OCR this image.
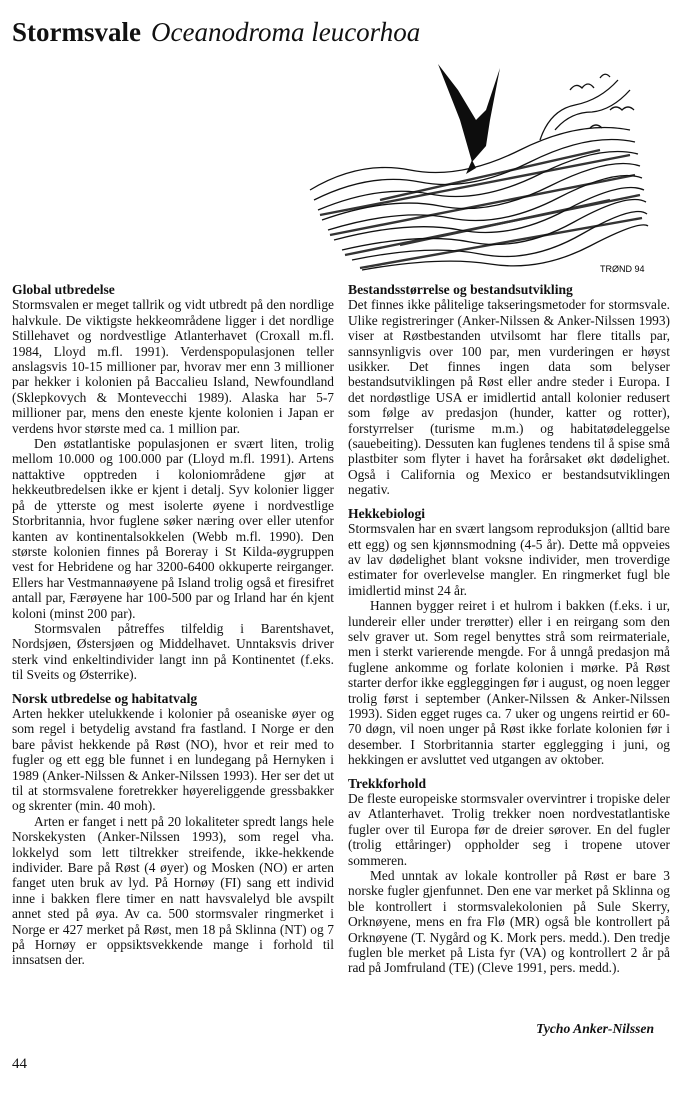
Stormsvale Oceanodroma leucorhoa
TRØND 94
Global utbredelse

Stormsvalen er meget tallrik og vidt utbredt på den nordlige halvkule. De viktigste hekkeområdene ligger i det nordlige Stillehavet og nordvestlige Atlanterhavet (Croxall m.fl. 1984, Lloyd m.fl. 1991). Verdenspopulasjonen teller anslagsvis 10-15 millioner par, hvorav mer enn 3 millioner par hekker i kolonien på Baccalieu Island, Newfoundland (Sklepkovych & Montevecchi 1989). Alaska har 5-7 millioner par, mens den eneste kjente kolonien i Japan er verdens hvor største med ca. 1 million par.

Den østatlantiske populasjonen er svært liten, trolig mellom 10.000 og 100.000 par (Lloyd m.fl. 1991). Artens nattaktive opptreden i koloniområdene gjør at hekkeutbredelsen ikke er kjent i detalj. Syv kolonier ligger på de ytterste og mest isolerte øyene i nordvestlige Storbritannia, hvor fuglene søker næring over eller utenfor kanten av kontinentalsokkelen (Webb m.fl. 1990). Den største kolonien finnes på Boreray i St Kilda-øygruppen vest for Hebridene og har 3200-6400 okkuperte reirganger. Ellers har Vestmannaøyene på Island trolig også et firesifret antall par, Færøyene har 100-500 par og Irland har én kjent koloni (minst 200 par).

Stormsvalen påtreffes tilfeldig i Barentshavet, Nordsjøen, Østersjøen og Middelhavet. Unntaksvis driver sterk vind enkeltindivider langt inn på Kontinentet (f.eks. til Sveits og Østerrike).

Norsk utbredelse og habitatvalg

Arten hekker utelukkende i kolonier på oseaniske øyer og som regel i betydelig avstand fra fastland. I Norge er den bare påvist hekkende på Røst (NO), hvor et reir med to fugler og ett egg ble funnet i en lundegang på Hernyken i 1989 (Anker-Nilssen & Anker-Nilssen 1993). Her ser det ut til at stormsvalene foretrekker høyereliggende gressbakker og skrenter (min. 40 moh).

Arten er fanget i nett på 20 lokaliteter spredt langs hele Norskekysten (Anker-Nilssen 1993), som regel vha. lokkelyd som lett tiltrekker streifende, ikke-hekkende individer. Bare på Røst (4 øyer) og Mosken (NO) er arten fanget uten bruk av lyd. På Hornøy (FI) sang ett individ inne i bakken flere timer en natt havsvalelyd ble avspilt annet sted på øya. Av ca. 500 stormsvaler ringmerket i Norge er 427 merket på Røst, men 18 på Sklinna (NT) og 7 på Hornøy er oppsiktsvekkende mange i forhold til innsatsen der.

Bestandsstørrelse og bestandsutvikling

Det finnes ikke pålitelige takseringsmetoder for stormsvale. Ulike registreringer (Anker-Nilssen & Anker-Nilssen 1993) viser at Røstbestanden utvilsomt har flere titalls par, sannsynligvis over 100 par, men vurderingen er høyst usikker. Det finnes ingen data som belyser bestandsutviklingen på Røst eller andre steder i Europa. I det nordøstlige USA er imidlertid antall kolonier redusert som følge av predasjon (hunder, katter og rotter), forstyrrelser (turisme m.m.) og habitatødeleggelse (sauebeiting). Dessuten kan fuglenes tendens til å spise små plastbiter som flyter i havet ha forårsaket økt dødelighet. Også i California og Mexico er bestandsutviklingen negativ.

Hekkebiologi

Stormsvalen har en svært langsom reproduksjon (alltid bare ett egg) og sen kjønnsmodning (4-5 år). Dette må oppveies av lav dødelighet blant voksne individer, men troverdige estimater for overlevelse mangler. En ringmerket fugl ble imidlertid minst 24 år.

Hannen bygger reiret i et hulrom i bakken (f.eks. i ur, lundereir eller under trerøtter) eller i en reirgang som den selv graver ut. Som regel benyttes strå som reirmateriale, men i sterkt varierende mengde. For å unngå predasjon må fuglene ankomme og forlate kolonien i mørke. På Røst starter derfor ikke eggleggingen før i august, og noen legger trolig først i september (Anker-Nilssen & Anker-Nilssen 1993). Siden egget ruges ca. 7 uker og ungens reirtid er 60-70 døgn, vil noen unger på Røst ikke forlate kolonien før i desember. I Storbritannia starter egglegging i juni, og hekkingen er avsluttet ved utgangen av oktober.

Trekkforhold

De fleste europeiske stormsvaler overvintrer i tropiske deler av Atlanterhavet. Trolig trekker noen nordvestatlantiske fugler over til Europa før de dreier sørover. En del fugler (trolig ettåringer) oppholder seg i tropene utover sommeren.

Med unntak av lokale kontroller på Røst er bare 3 norske fugler gjenfunnet. Den ene var merket på Sklinna og ble kontrollert i stormsvalekolonien på Sule Skerry, Orknøyene, mens en fra Flø (MR) også ble kontrollert på Orknøyene (T. Nygård og K. Mork pers. medd.). Den tredje fuglen ble merket på Lista fyr (VA) og kontrollert 2 år på rad på Jomfruland (TE) (Cleve 1991, pers. medd.).

Tycho Anker-Nilssen
44
